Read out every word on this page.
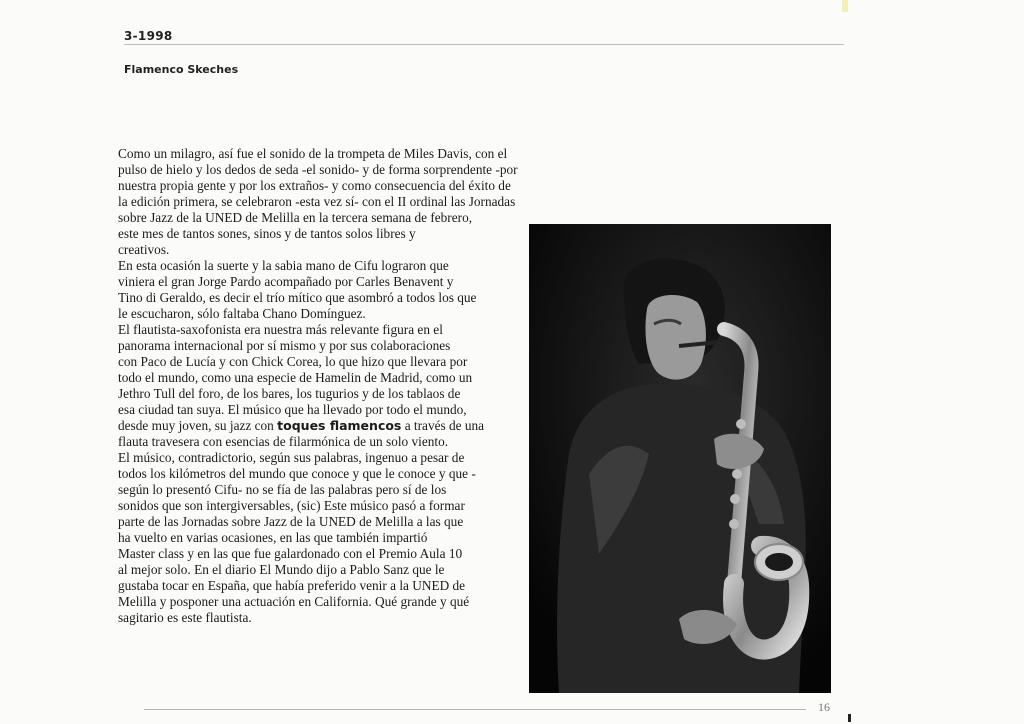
3-1998
Flamenco Skeches

Como un milagro, así fue el sonido de la trompeta de Miles Davis, con el
pulso de hielo y los dedos de seda -el sonido- y de forma sorprendente -por
nuestra propia gente y por los extraños- y como consecuencia del éxito de
la edición primera, se celebraron -esta vez sí- con el II ordinal las Jornadas
sobre Jazz de la UNED de Melilla en la tercera semana de febrero,
este mes de tantos sones, sinos y de tantos solos libres y
creativos.

En esta ocasión la suerte y la sabia mano de Cifu lograron que
viniera el gran Jorge Pardo acompañado por Carles Benavent y
Tino di Geraldo, es decir el trío mítico que asombró a todos los que
le escucharon, sólo faltaba Chano Domínguez.

El flautista-saxofonista era nuestra más relevante figura en el
panorama internacional por sí mismo y por sus colaboraciones
con Paco de Lucía y con Chick Corea, lo que hizo que llevara por
todo el mundo, como una especie de Hamelin de Madrid, como un
Jethro Tull del foro, de los bares, los tugurios y de los tablaos de
esa ciudad tan suya. El músico que ha llevado por todo el mundo,
desde muy joven, su jazz con toques flamencos a través de una
flauta travesera con esencias de filarmónica de un solo viento.

El músico, contradictorio, según sus palabras, ingenuo a pesar de
todos los kilómetros del mundo que conoce y que le conoce y que -
según lo presentó Cifu- no se fía de las palabras pero sí de los
sonidos que son intergiversables, (sic) Este músico pasó a formar
parte de las Jornadas sobre Jazz de la UNED de Melilla a las que
ha vuelto en varias ocasiones, en las que también impartió
Master class y en las que fue galardonado con el Premio Aula 10
al mejor solo. En el diario El Mundo dijo a Pablo Sanz que le
gustaba tocar en España, que había preferido venir a la UNED de
Melilla y posponer una actuación en California. Qué grande y qué
sagitario es este flautista.

16
